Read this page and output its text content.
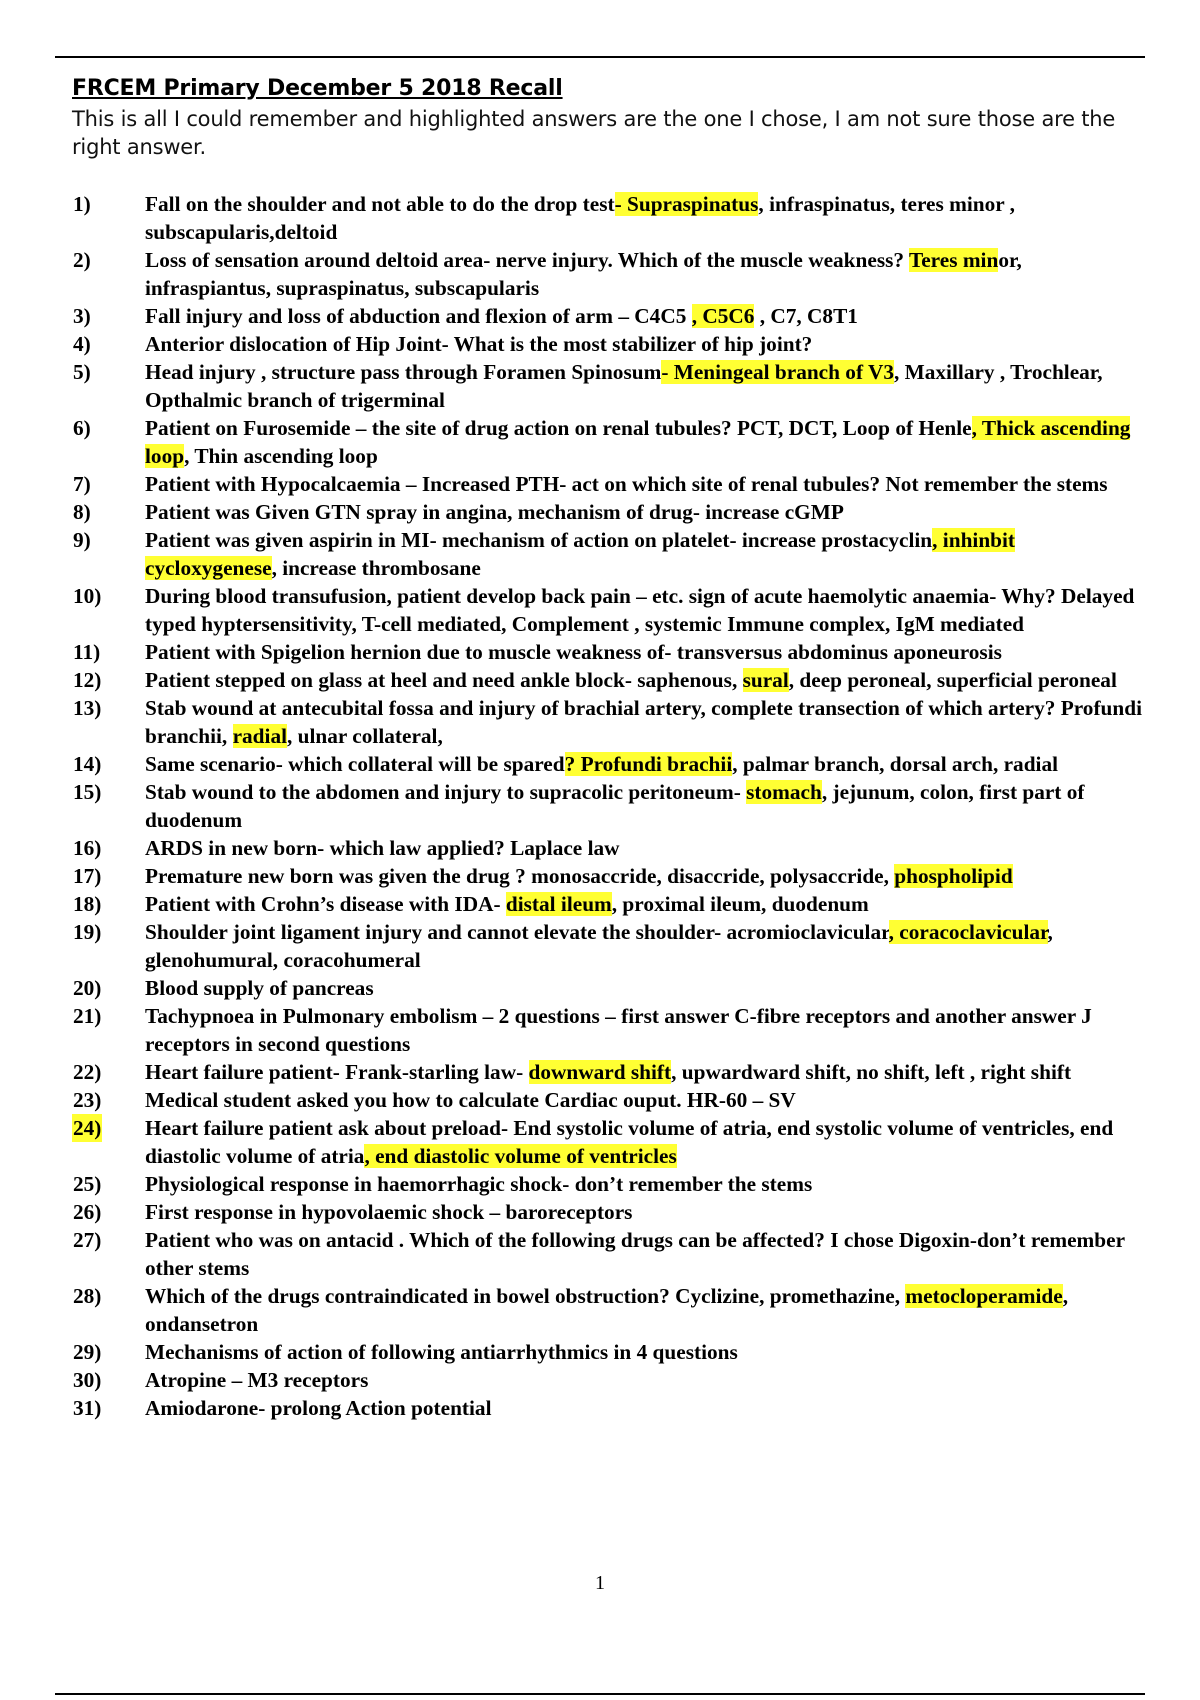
FRCEM Primary December 5 2018 Recall
This is all I could remember and highlighted answers are the one I chose, I am not sure those are the right answer.
1)	Fall on the shoulder and not able to do the drop test- Supraspinatus, infraspinatus, teres minor , subscapularis,deltoid
2)	Loss of sensation around deltoid area- nerve injury. Which of the muscle weakness? Teres minor, infraspiantus, supraspinatus, subscapularis
3)	Fall injury and loss of abduction and flexion of arm – C4C5 , C5C6 , C7, C8T1
4)	Anterior dislocation of Hip Joint- What is the most stabilizer of hip joint?
5)	Head injury , structure pass through Foramen Spinosum- Meningeal branch of V3, Maxillary , Trochlear, Opthalmic branch of trigerminal
6)	Patient on Furosemide – the site of drug action on renal tubules? PCT, DCT, Loop of Henle, Thick ascending loop, Thin ascending loop
7)	Patient with Hypocalcaemia – Increased PTH- act on which site of renal tubules? Not remember the stems
8)	Patient was Given GTN spray in angina, mechanism of drug- increase cGMP
9)	Patient was given aspirin in MI- mechanism of action on platelet- increase prostacyclin, inhinbit cycloxygenese, increase thrombosane
10) During blood transufusion, patient develop back pain – etc. sign of acute haemolytic anaemia- Why? Delayed typed hyptersensitivity, T-cell mediated, Complement , systemic Immune complex, IgM mediated
11) Patient with Spigelion hernion due to muscle weakness of- transversus abdominus aponeurosis
12) Patient stepped on glass at heel and need ankle block- saphenous, sural, deep peroneal, superficial peroneal
13) Stab wound at antecubital fossa and injury of brachial artery, complete transection of which artery? Profundi branchii, radial, ulnar collateral,
14) Same scenario- which collateral will be spared? Profundi brachii, palmar branch, dorsal arch, radial
15) Stab wound to the abdomen and injury to supracolic peritoneum- stomach, jejunum, colon, first part of duodenum
16) ARDS in new born- which law applied? Laplace law
17) Premature new born was given the drug ? monosaccride, disaccride, polysaccride, phospholipid
18) Patient with Crohn’s disease with IDA- distal ileum, proximal ileum, duodenum
19) Shoulder joint ligament injury and cannot elevate the shoulder- acromioclavicular, coracoclavicular, glenohumural, coracohumeral
20) Blood supply of pancreas
21) Tachypnoea in Pulmonary embolism – 2 questions – first answer C-fibre receptors and another answer J receptors in second questions
22) Heart failure patient- Frank-starling law- downward shift, upwardward shift, no shift, left , right shift
23) Medical student asked you how to calculate Cardiac ouput. HR-60 – SV
24) Heart failure patient ask about preload- End systolic volume of atria, end systolic volume of ventricles, end diastolic volume of atria, end diastolic volume of ventricles
25) Physiological response in haemorrhagic shock- don’t remember the stems
26) First response in hypovolaemic shock – baroreceptors
27) Patient who was on antacid . Which of the following drugs can be affected? I chose Digoxin-don’t remember other stems
28) Which of the drugs contraindicated in bowel obstruction? Cyclizine, promethazine, metocloperamide, ondansetron
29) Mechanisms of action of following antiarrhythmics in 4 questions
30) Atropine – M3 receptors
31) Amiodarone- prolong Action potential
1
